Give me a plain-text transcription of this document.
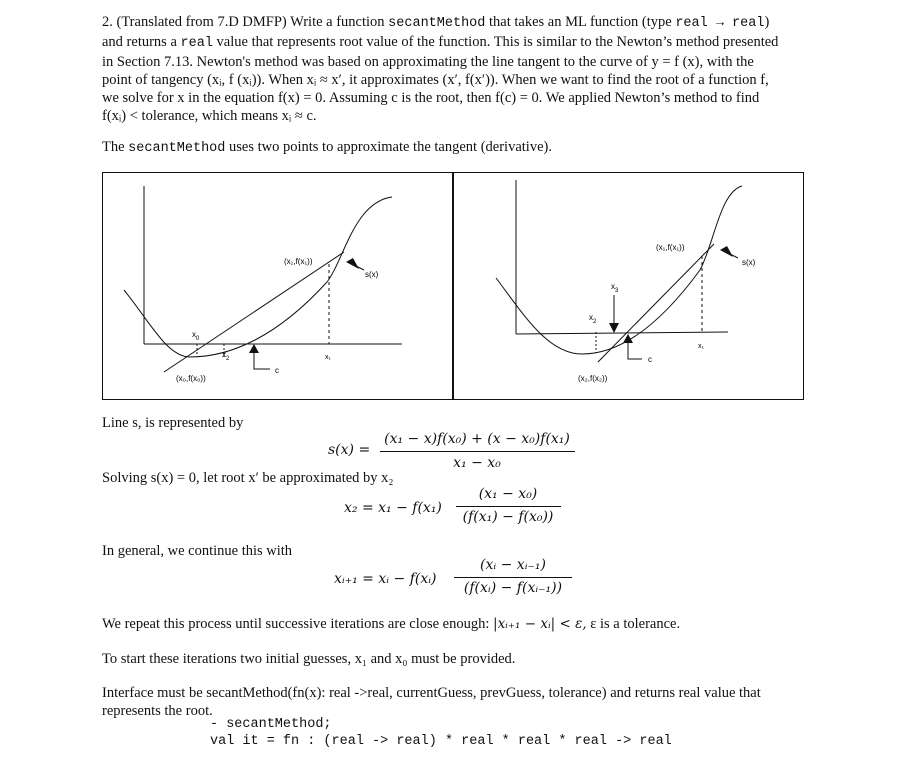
2. (Translated from 7.D DMFP) Write a function secantMethod that takes an ML function (type real → real)
and returns a real value that represents root value of the function. This is similar to the Newton’s method presented
in Section 7.13. Newton's method was based on approximating the line tangent to the curve of y = f (x), with the
point of tangency (xᵢ, f (xᵢ)). When xᵢ ≈ x′, it approximates (x′, f(x′)). When we want to find the root of a function f,
we solve for x in the equation f(x) = 0. Assuming c is the root, then f(c) = 0. We applied Newton’s method to find
f(xᵢ) < tolerance, which means xᵢ ≈ c.
The secantMethod uses two points to approximate the tangent (derivative).
(x₁,f(x₁))
s(x)
$x_0$
$x_2$	x₁
c
(x₀,f(x₀))
(x₁,f(x₁))
s(x)
$x_3$
$x_2$
x₁
c
(x₂,f(x₂))
Line s, is represented by
s(x) =
(x₁ − x)f(x₀) + (x − x₀)f(x₁)
x₁ − x₀
Solving s(x) = 0, let root x′ be approximated by x₂
x₂ = x₁ − f(x₁)
(x₁ − x₀)
(f(x₁) − f(x₀))
In general, we continue this with
xᵢ₊₁ = xᵢ − f(xᵢ)
(xᵢ − xᵢ₋₁)
(f(xᵢ) − f(xᵢ₋₁))
We repeat this process until successive iterations are close enough: |xᵢ₊₁ − xᵢ| < ε, ε is a tolerance.
To start these iterations two initial guesses, x₁ and x₀ must be provided.
Interface must be secantMethod(fn(x): real ->real, currentGuess, prevGuess, tolerance) and returns real value that
represents the root.
- secantMethod;
val it = fn : (real -> real) * real * real * real -> real
